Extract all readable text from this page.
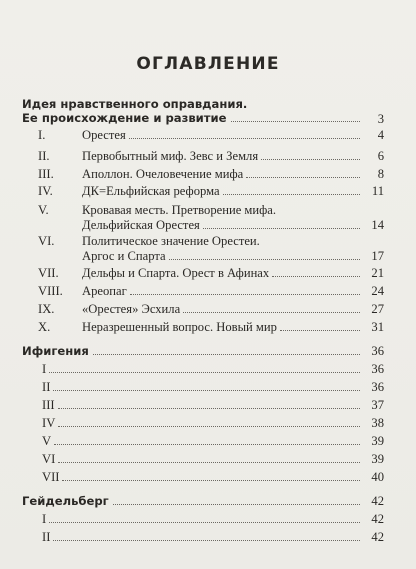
ОГЛАВЛЕНИЕ
Идея нравственного оправдания.
Ее происхождение и развитие	3
I.	Орестея	4
II.	Первобытный миф. Зевс и Земля	6
III. Аполлон. Очеловечение мифа	8
IV. ДК=Ельфийская реформа	11
V.	Кровавая месть. Претворение мифа.
Дельфийская Орестея	14
VI. Политическое значение Орестеи.
Аргос и Спарта	17
VII. Дельфы и Спарта. Орест в Афинах	21
VIII. Ареопаг	24
IX. «Орестея» Эсхила	27
X.	Неразрешенный вопрос. Новый мир	31
Ифигения	36
I	36
II	36
III	37
IV	38
V	39
VI	39
VII	40
Гейдельберг	42
I	42
II	42
